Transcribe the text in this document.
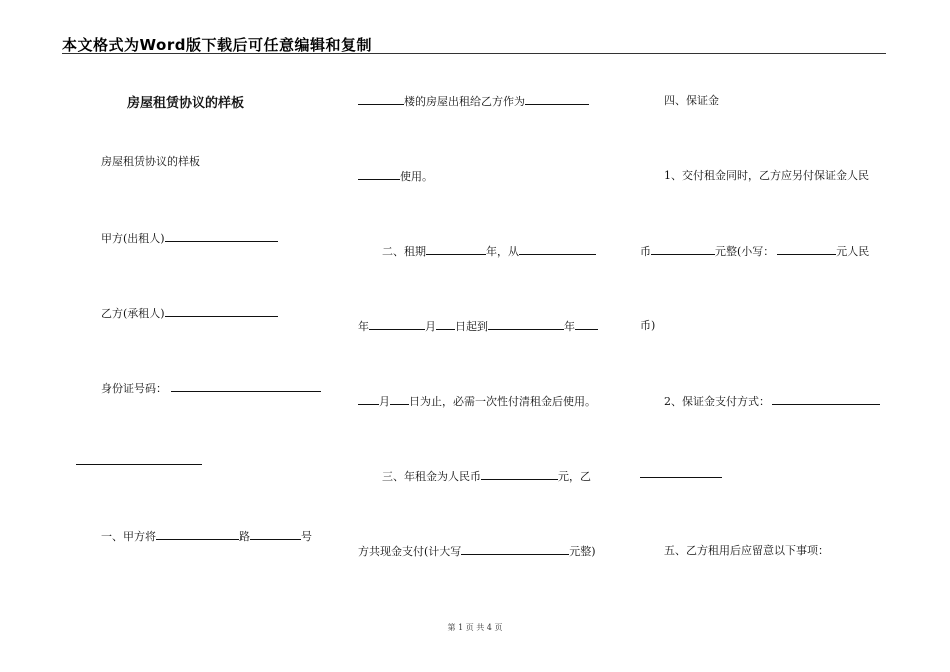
本文格式为Word版下载后可任意编辑和复制
房屋租赁协议的样板
房屋租赁协议的样板
甲方(出租人)
乙方(承租人)
身份证号码：
一、甲方将	路	号
楼的房屋出租给乙方作为
使用。
二、租期	年，从
年	月 日起到	年
月 日为止，必需一次性付清租金后使用。
三、年租金为人民币	元，乙
方共现金支付(计大写	元整)
四、保证金
1、交付租金同时，乙方应另付保证金人民
币	元整(小写：	元人民
币)
2、保证金支付方式：
五、乙方租用后应留意以下事项：
第 1 页 共 4 页
